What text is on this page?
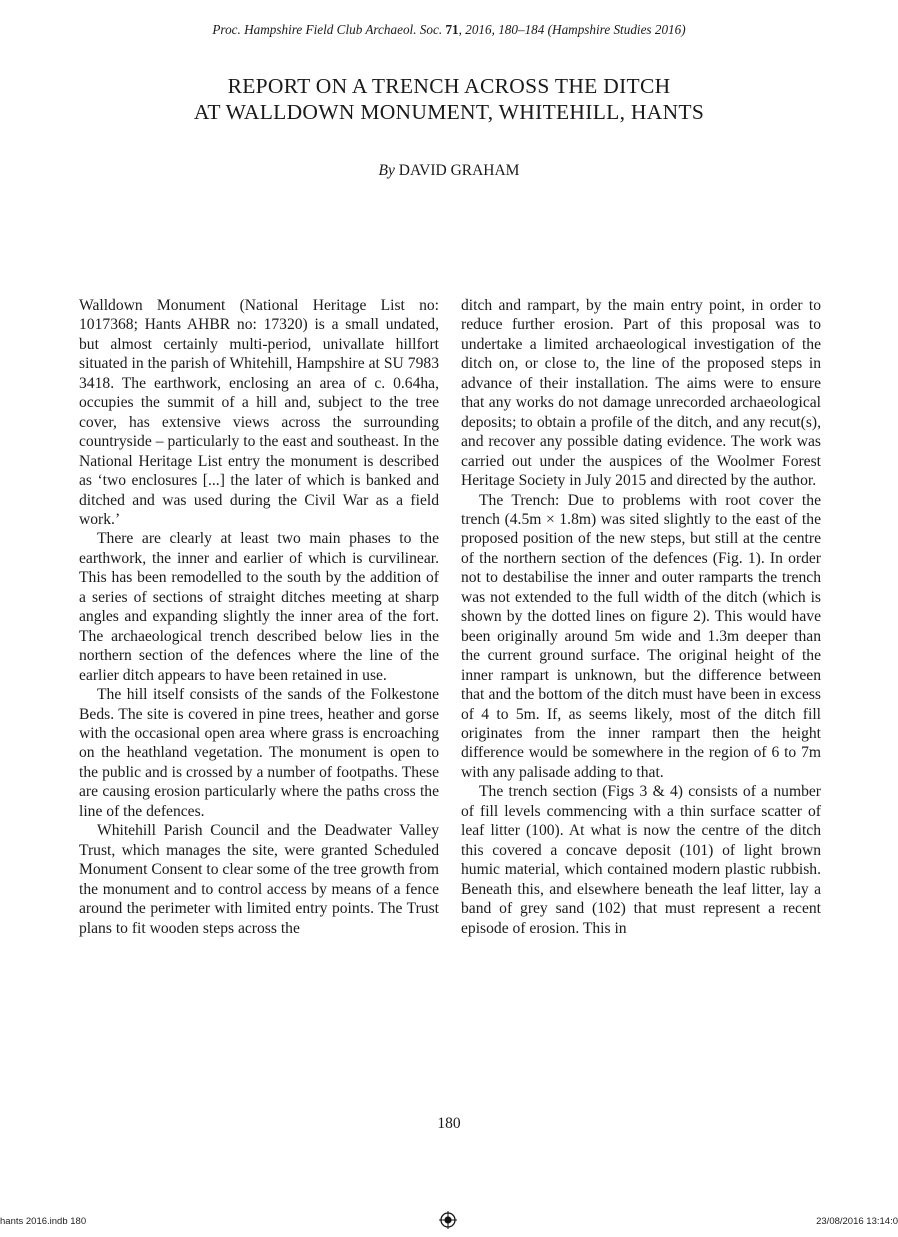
Proc. Hampshire Field Club Archaeol. Soc. 71, 2016, 180–184 (Hampshire Studies 2016)
REPORT ON A TRENCH ACROSS THE DITCH
AT WALLDOWN MONUMENT, WHITEHILL, HANTS
By DAVID GRAHAM

Walldown Monument (National Heritage List no: 1017368; Hants AHBR no: 17320) is a small undated, but almost certainly multi-period, univallate hillfort situated in the parish of Whitehill, Hampshire at SU 7983 3418. The earthwork, enclosing an area of c. 0.64ha, occupies the summit of a hill and, subject to the tree cover, has extensive views across the surrounding countryside – particularly to the east and southeast. In the National Heritage List entry the monument is described as ‘two enclosures [...] the later of which is banked and ditched and was used during the Civil War as a field work.’

There are clearly at least two main phases to the earthwork, the inner and earlier of which is curvilinear. This has been remodelled to the south by the addition of a series of sections of straight ditches meeting at sharp angles and expanding slightly the inner area of the fort. The archaeological trench described below lies in the northern section of the defences where the line of the earlier ditch appears to have been retained in use.

The hill itself consists of the sands of the Folkestone Beds. The site is covered in pine trees, heather and gorse with the occasional open area where grass is encroaching on the heathland vegetation. The monument is open to the public and is crossed by a number of footpaths. These are causing erosion particularly where the paths cross the line of the defences.

Whitehill Parish Council and the Deadwater Valley Trust, which manages the site, were granted Scheduled Monument Consent to clear some of the tree growth from the monument and to control access by means of a fence around the perimeter with limited entry points. The Trust plans to fit wooden steps across the

ditch and rampart, by the main entry point, in order to reduce further erosion. Part of this proposal was to undertake a limited archaeological investigation of the ditch on, or close to, the line of the proposed steps in advance of their installation. The aims were to ensure that any works do not damage unrecorded archaeological deposits; to obtain a profile of the ditch, and any recut(s), and recover any possible dating evidence. The work was carried out under the auspices of the Woolmer Forest Heritage Society in July 2015 and directed by the author.

The Trench: Due to problems with root cover the trench (4.5m × 1.8m) was sited slightly to the east of the proposed position of the new steps, but still at the centre of the northern section of the defences (Fig. 1). In order not to destabilise the inner and outer ramparts the trench was not extended to the full width of the ditch (which is shown by the dotted lines on figure 2). This would have been originally around 5m wide and 1.3m deeper than the current ground surface. The original height of the inner rampart is unknown, but the difference between that and the bottom of the ditch must have been in excess of 4 to 5m. If, as seems likely, most of the ditch fill originates from the inner rampart then the height difference would be somewhere in the region of 6 to 7m with any palisade adding to that.

The trench section (Figs 3 & 4) consists of a number of fill levels commencing with a thin surface scatter of leaf litter (100). At what is now the centre of the ditch this covered a concave deposit (101) of light brown humic material, which contained modern plastic rubbish. Beneath this, and elsewhere beneath the leaf litter, lay a band of grey sand (102) that must represent a recent episode of erosion. This in

180
hants 2016.indb 180	23/08/2016 13:14:0
